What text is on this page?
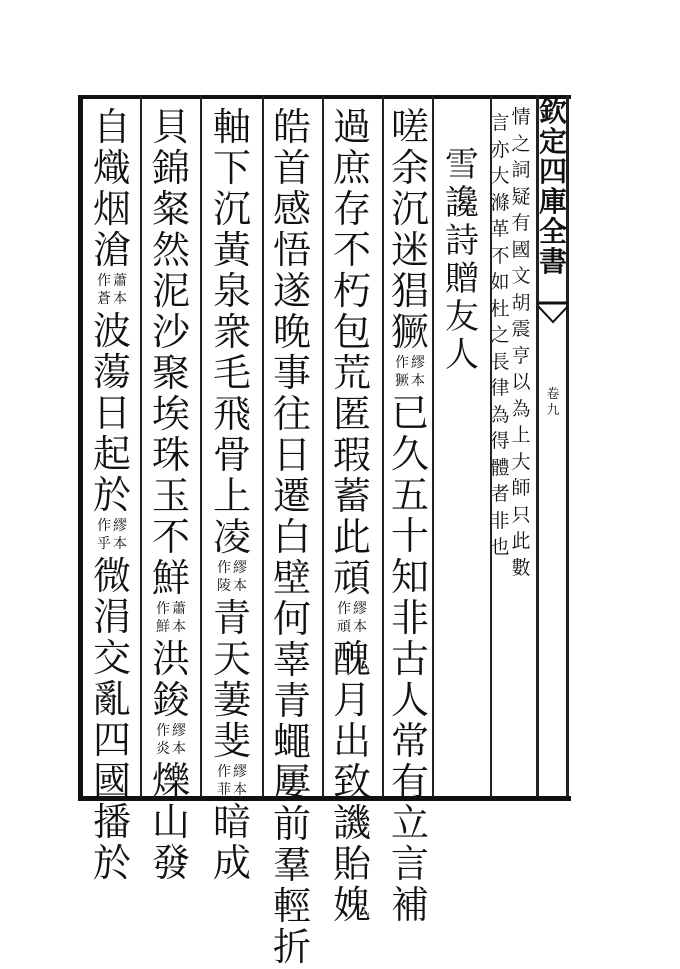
欽
定
四
庫
全
書
卷
九
情
之
詞
疑
有
國
文
胡
震
亨
以
為
上
大
師
只
此
數
言
亦
大
滌
革
不
如
杜
之
長
律
為
得
體
者
非
也
雪
讒
詩
贈
友
人
嗟
余
沉
迷
猖
獗
繆
本
作
獗
已
久
五
十
知
非
古
人
常
有
立
言
補
過
庶
存
不
朽
包
荒
匿
瑕
蓄
此
頑
繆
本
作
頑
醜
月
出
致
譏
貽
媿
皓
首
感
悟
遂
晚
事
往
日
遷
白
壁
何
辜
青
蠅
屢
前
羣
輕
折
軸
下
沉
黃
泉
衆
毛
飛
骨
上
凌
繆
本
作
陵
青
天
萋
斐
繆
本
作
菲
暗
成
貝
錦
粲
然
泥
沙
聚
埃
珠
玉
不
鮮
蕭
本
作
鮮
洪
鋑
繆
本
作
炎
爍
山
發
自
熾
烟
滄
蕭
本
作
蒼
波
蕩
日
起
於
繆
本
作
乎
微
涓
交
亂
四
國
播
於
